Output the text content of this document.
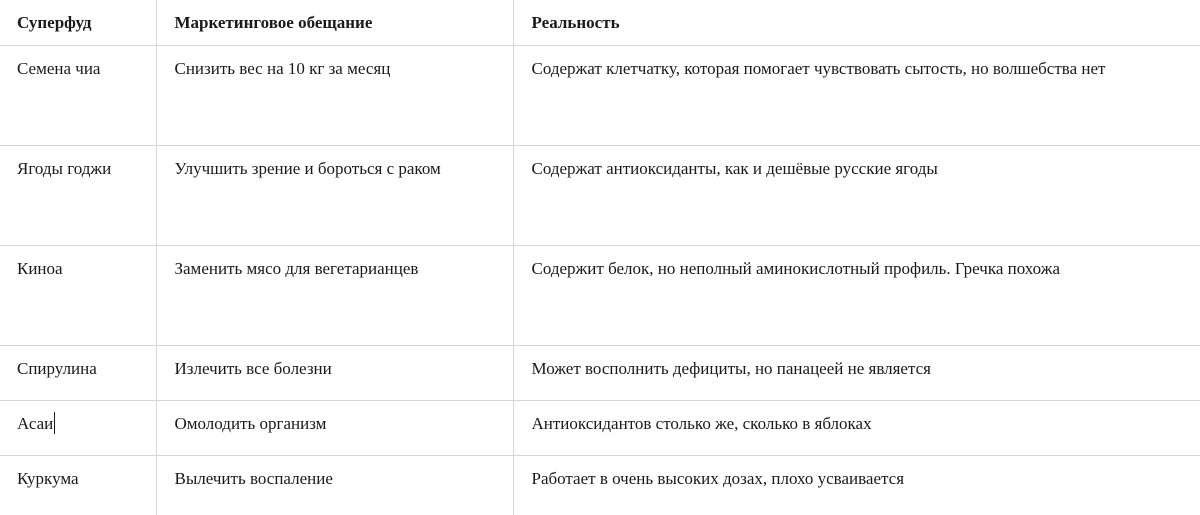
Суперфуд	Маркетинговое обещание	Реальность
Семена чиа	Снизить вес на 10 кг за месяц	Содержат клетчатку, которая помогает чувствовать сытость, но волшебства нет
Ягоды годжи	Улучшить зрение и бороться с раком	Содержат антиоксиданты, как и дешёвые русские ягоды
Киноа	Заменить мясо для вегетарианцев	Содержит белок, но неполный аминокислотный профиль. Гречка похожа
Спирулина	Излечить все болезни	Может восполнить дефициты, но панацеей не является
Асаи	Омолодить организм	Антиоксидантов столько же, сколько в яблоках
Куркума	Вылечить воспаление	Работает в очень высоких дозах, плохо усваивается
